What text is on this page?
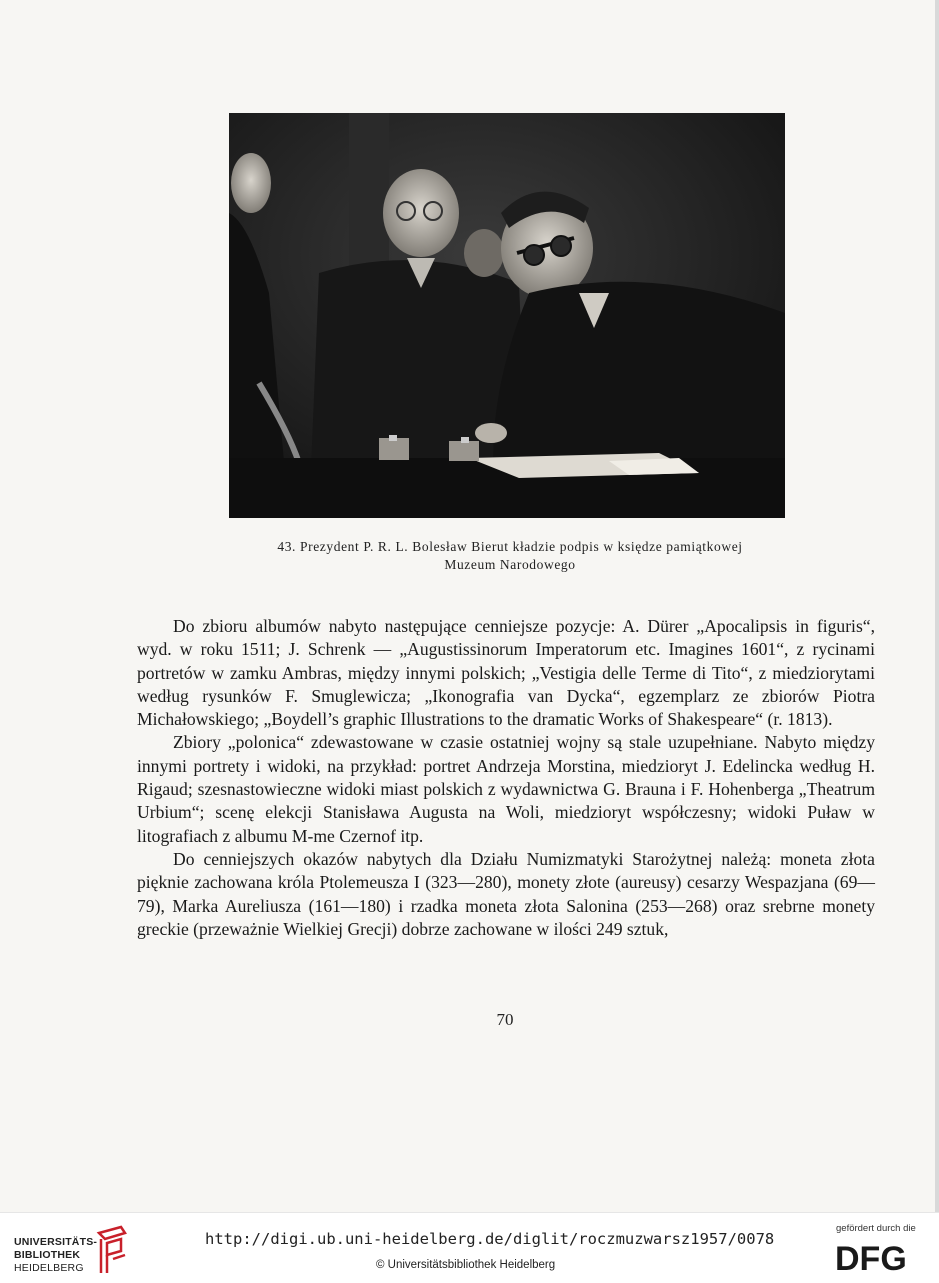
43. Prezydent P. R. L. Bolesław Bierut kładzie podpis w księdze pamiątkowej
Muzeum Narodowego

Do zbioru albumów nabyto następujące cenniejsze pozycje: A. Dürer „Apocalipsis in figuris“, wyd. w roku 1511; J. Schrenk — „Augustissinorum Imperatorum etc. Imagines 1601“, z rycinami portretów w zamku Ambras, między innymi polskich; „Vestigia delle Terme di Tito“, z miedziorytami według rysunków F. Smuglewicza; „Ikonografia van Dycka“, egzemplarz ze zbiorów Piotra Michałowskiego; „Boydell’s graphic Illustrations to the dramatic Works of Shakespeare“ (r. 1813).

Zbiory „polonica“ zdewastowane w czasie ostatniej wojny są stale uzupełniane. Nabyto między innymi portrety i widoki, na przykład: portret Andrzeja Morstina, miedzioryt J. Edelincka według H. Rigaud; szesnastowieczne widoki miast polskich z wydawnictwa G. Brauna i F. Hohenberga „Theatrum Urbium“; scenę elekcji Stanisława Augusta na Woli, miedzioryt współczesny; widoki Puław w litografiach z albumu M-me Czernof itp.

Do cenniejszych okazów nabytych dla Działu Numizmatyki Starożytnej należą: moneta złota pięknie zachowana króla Ptolemeusza I (323—280), monety złote (aureusy) cesarzy Wespazjana (69—79), Marka Aureliusza (161—180) i rzadka moneta złota Salonina (253—268) oraz srebrne monety greckie (przeważnie Wielkiej Grecji) dobrze zachowane w ilości 249 sztuk,

70
UNIVERSITÄTS-
BIBLIOTHEK
HEIDELBERG
http://digi.ub.uni-heidelberg.de/diglit/roczmuzwarsz1957/0078
© Universitätsbibliothek Heidelberg
gefördert durch die
DFG
